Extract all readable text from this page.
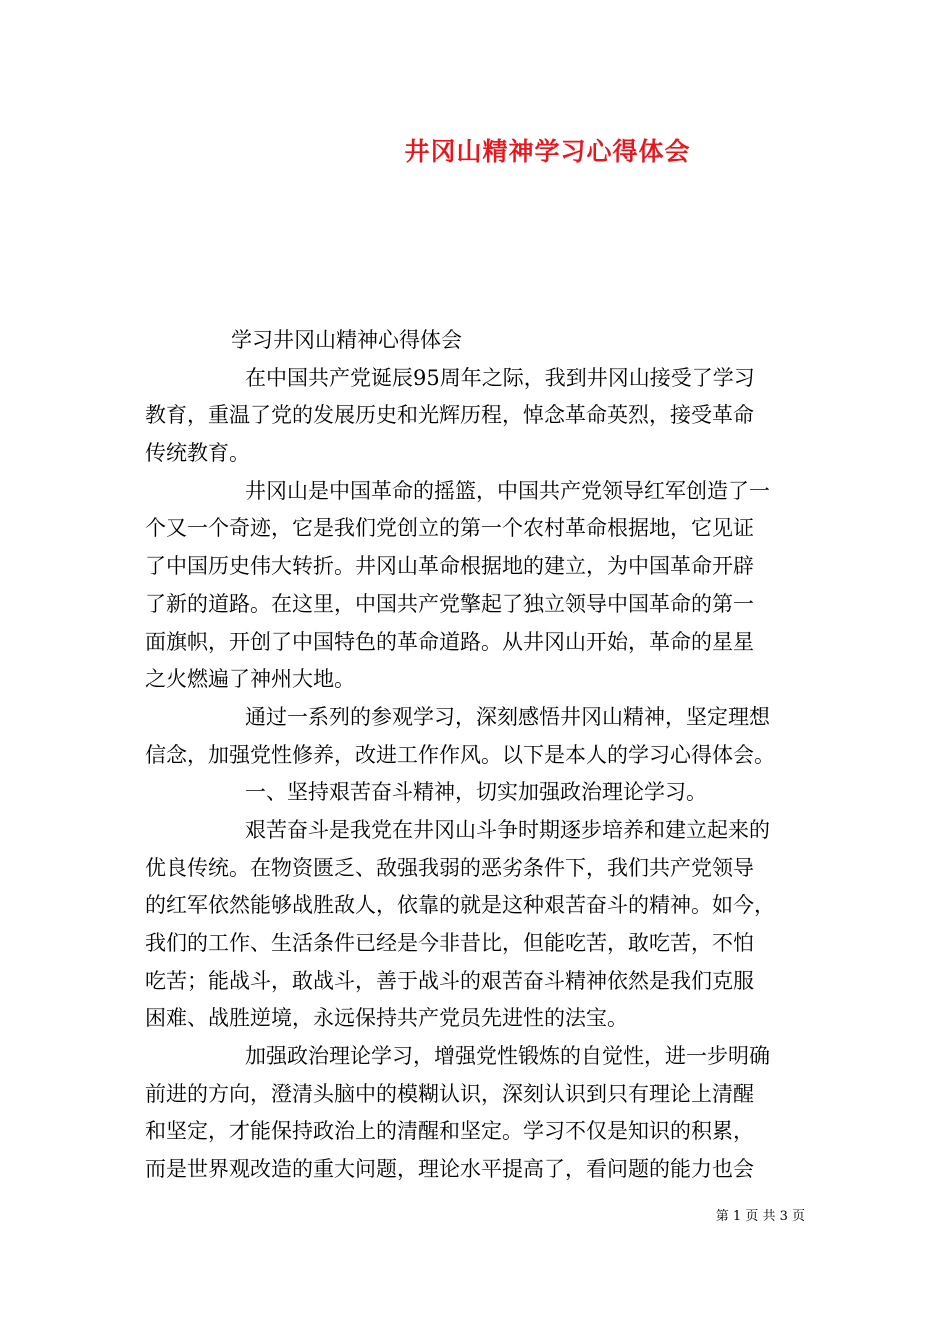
井冈山精神学习心得体会

学习井冈山精神心得体会

在中国共产党诞辰95周年之际，我到井冈山接受了学习

教育，重温了党的发展历史和光辉历程，悼念革命英烈，接受革命

传统教育。

井冈山是中国革命的摇篮，中国共产党领导红军创造了一

个又一个奇迹，它是我们党创立的第一个农村革命根据地，它见证

了中国历史伟大转折。井冈山革命根据地的建立，为中国革命开辟

了新的道路。在这里，中国共产党擎起了独立领导中国革命的第一

面旗帜，开创了中国特色的革命道路。从井冈山开始，革命的星星

之火燃遍了神州大地。

通过一系列的参观学习，深刻感悟井冈山精神，坚定理想

信念，加强党性修养，改进工作作风。以下是本人的学习心得体会。

一、坚持艰苦奋斗精神，切实加强政治理论学习。

艰苦奋斗是我党在井冈山斗争时期逐步培养和建立起来的

优良传统。在物资匮乏、敌强我弱的恶劣条件下，我们共产党领导

的红军依然能够战胜敌人，依靠的就是这种艰苦奋斗的精神。如今，

我们的工作、生活条件已经是今非昔比，但能吃苦，敢吃苦，不怕

吃苦；能战斗，敢战斗，善于战斗的艰苦奋斗精神依然是我们克服

困难、战胜逆境，永远保持共产党员先进性的法宝。

加强政治理论学习，增强党性锻炼的自觉性，进一步明确

前进的方向，澄清头脑中的模糊认识，深刻认识到只有理论上清醒

和坚定，才能保持政治上的清醒和坚定。学习不仅是知识的积累，

而是世界观改造的重大问题，理论水平提高了，看问题的能力也会

第 1 页 共 3 页
